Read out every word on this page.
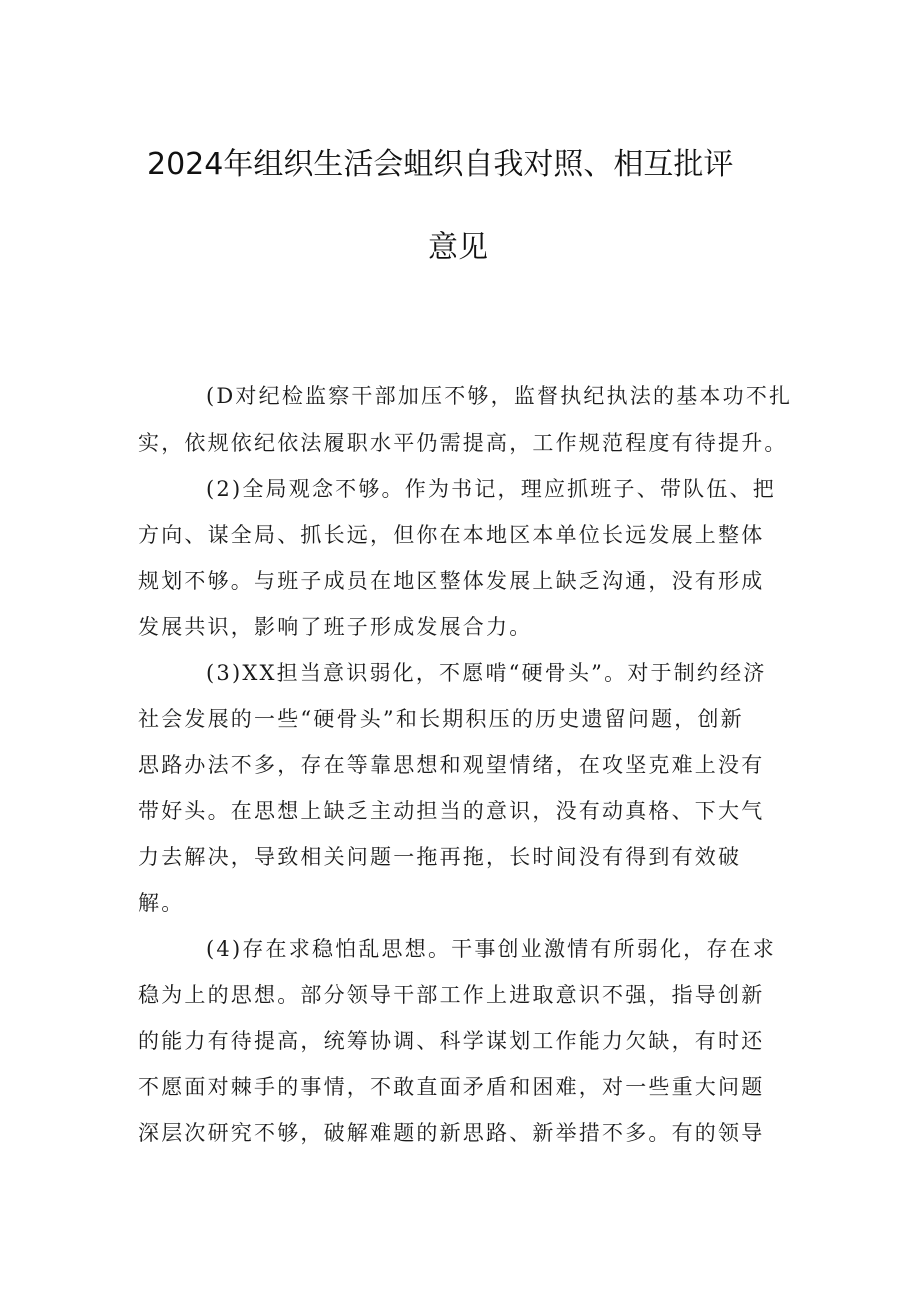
2024年组织生活会蛆织自我对照、相互批评
意见
(D对纪检监察干部加压不够，监督执纪执法的基本功不扎
实，依规依纪依法履职水平仍需提高，工作规范程度有待提升。
(2)全局观念不够。作为书记，理应抓班子、带队伍、把
方向、谋全局、抓长远，但你在本地区本单位长远发展上整体
规划不够。与班子成员在地区整体发展上缺乏沟通，没有形成
发展共识，影响了班子形成发展合力。
(3)XX担当意识弱化，不愿啃“硬骨头”。对于制约经济
社会发展的一些“硬骨头”和长期积压的历史遗留问题，创新
思路办法不多，存在等靠思想和观望情绪，在攻坚克难上没有
带好头。在思想上缺乏主动担当的意识，没有动真格、下大气
力去解决，导致相关问题一拖再拖，长时间没有得到有效破
解。
(4)存在求稳怕乱思想。干事创业激情有所弱化，存在求
稳为上的思想。部分领导干部工作上进取意识不强，指导创新
的能力有待提高，统筹协调、科学谋划工作能力欠缺，有时还
不愿面对棘手的事情，不敢直面矛盾和困难，对一些重大问题
深层次研究不够，破解难题的新思路、新举措不多。有的领导
